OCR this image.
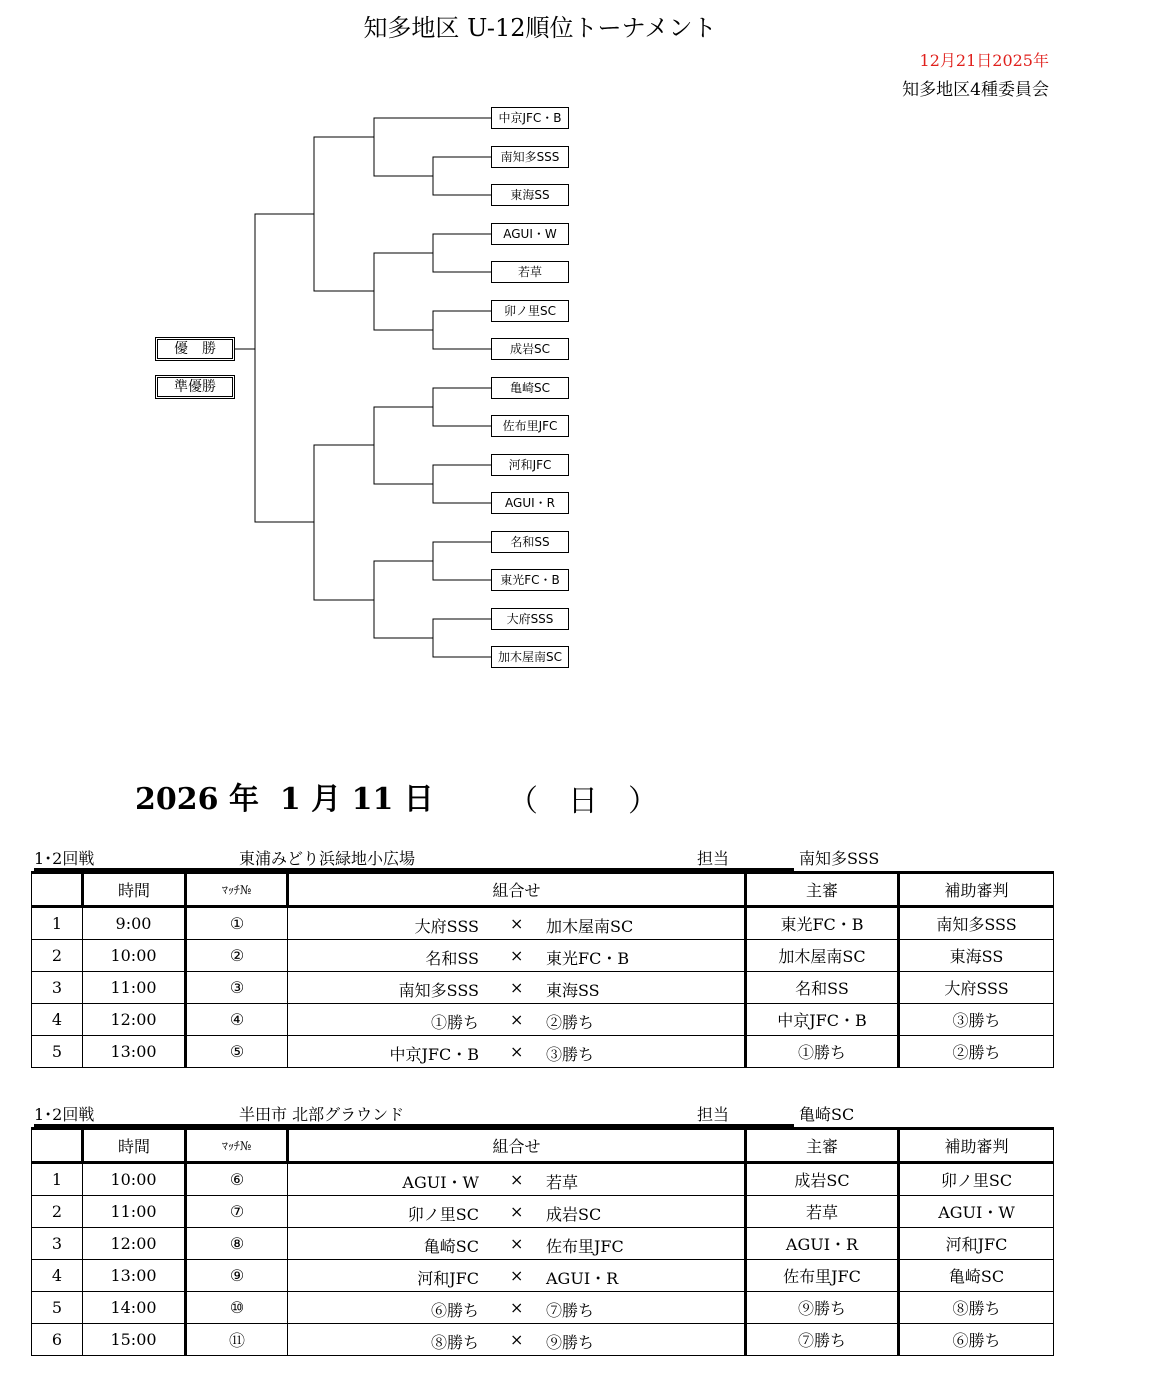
知多地区 U-12順位トーナメント
12月21日2025年
知多地区4種委員会
中京JFC・B
南知多SSS
東海SS
AGUI・W
若草
卯ノ里SC
成岩SC
亀崎SC
佐布里JFC
河和JFC
AGUI・R
名和SS
東光FC・B
大府SSS
加木屋南SC
優　勝
準優勝
2026 年  1 月 11 日 （　日　）
1･2回戦	東浦みどり浜緑地小広場	担当	南知多SSS
	時間	ﾏｯﾁ№	組合せ	主審	補助審判
1	9:00	①	大府SSS × 加木屋南SC	東光FC・B	南知多SSS
2	10:00	②	名和SS × 東光FC・B	加木屋南SC	東海SS
3	11:00	③	南知多SSS × 東海SS	名和SS	大府SSS
4	12:00	④	①勝ち × ②勝ち	中京JFC・B	③勝ち
5	13:00	⑤	中京JFC・B × ③勝ち	①勝ち	②勝ち
1･2回戦	半田市 北部グラウンド	担当	亀崎SC
	時間	ﾏｯﾁ№	組合せ	主審	補助審判
1	10:00	⑥	AGUI・W × 若草	成岩SC	卯ノ里SC
2	11:00	⑦	卯ノ里SC × 成岩SC	若草	AGUI・W
3	12:00	⑧	亀崎SC × 佐布里JFC	AGUI・R	河和JFC
4	13:00	⑨	河和JFC × AGUI・R	佐布里JFC	亀崎SC
5	14:00	⑩	⑥勝ち × ⑦勝ち	⑨勝ち	⑧勝ち
6	15:00	⑪	⑧勝ち × ⑨勝ち	⑦勝ち	⑥勝ち
